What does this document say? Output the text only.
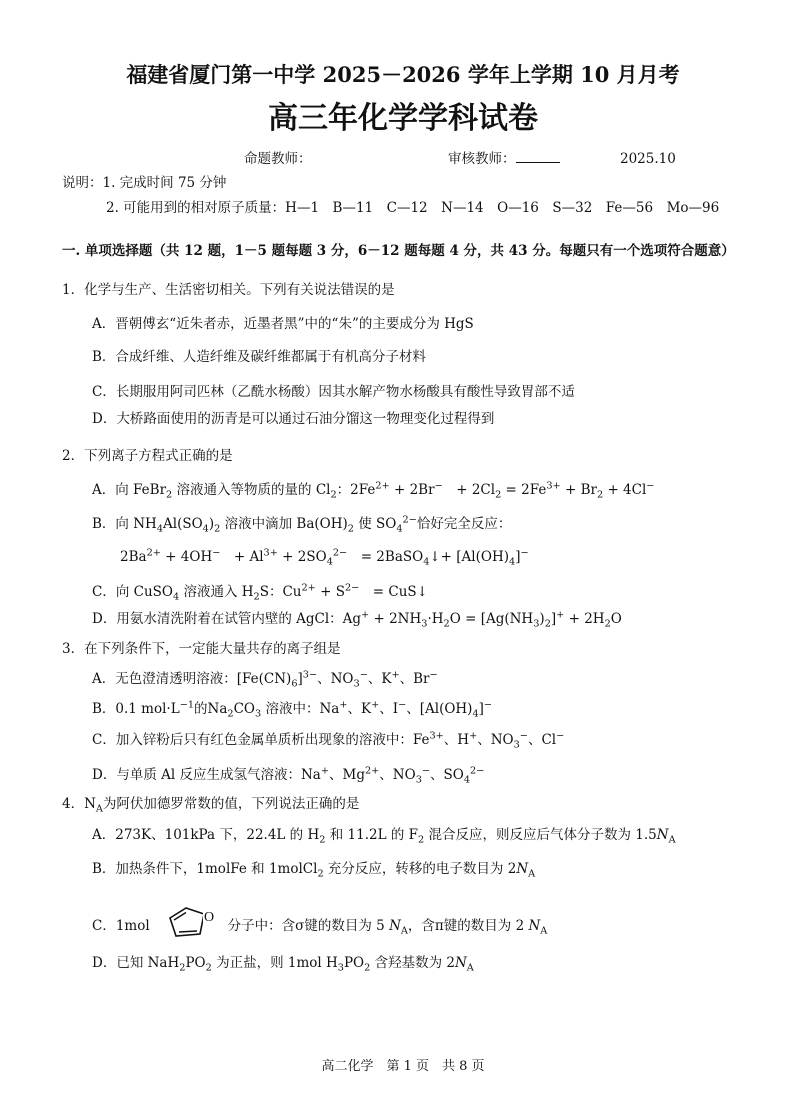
福建省厦门第一中学 2025－2026 学年上学期 10 月月考
高三年化学学科试卷
命题教师：	审核教师：	2025.10
说明：1. 完成时间 75 分钟
2. 可能用到的相对原子质量：H—1　B—11　C—12　N—14　O—16　S—32　Fe—56　Mo—96
一. 单项选择题（共 12 题，1－5 题每题 3 分，6－12 题每题 4 分，共 43 分。每题只有一个选项符合题意）
1．化学与生产、生活密切相关。下列有关说法错误的是
A．晋朝傅玄“近朱者赤，近墨者黑”中的“朱”的主要成分为 HgS
B．合成纤维、人造纤维及碳纤维都属于有机高分子材料
C．长期服用阿司匹林（乙酰水杨酸）因其水解产物水杨酸具有酸性导致胃部不适
D．大桥路面使用的沥青是可以通过石油分馏这一物理变化过程得到
2．下列离子方程式正确的是
A．向 FeBr$_2$ 溶液通入等物质的量的 $Cl_2$：$2Fe^{2+} + 2Br^-$　+ $2Cl_2 = 2Fe^{3+} + Br_2 + 4Cl^-$
B．向 $NH_4Al(SO_4)_2$ 溶液中滴加 $Ba(OH)_2$ 使 $SO_4^{2-}$恰好完全反应：
$2Ba^{2+} + 4OH^-$　+ $Al^{3+} + 2SO_4^{2-}$　= 2BaSO$_4$↓+ $[Al(OH)_4]^-$
C．向 CuSO$_4$ 溶液通入 $H_2S$：$Cu^{2+} + S^{2-}$　= CuS↓
D．用氨水清洗附着在试管内壁的 AgCl：$Ag^+ + 2NH_3\cdot H_2O = [Ag(NH_3)_2]^+ + 2H_2O$
3．在下列条件下，一定能大量共存的离子组是
A．无色澄清透明溶液：$[Fe(CN)_6]^{3-}$、$NO_3^-$、K+、Br−
B．0.1 $mol\cdot L^{-1}$的$Na_2CO_3$ 溶液中：Na+、K+、I−、$[Al(OH)_4]^-$
C．加入锌粉后只有红色金属单质析出现象的溶液中：$Fe^{3+}$、H+、$NO_3^-$、Cl−
D．与单质 Al 反应生成氢气溶液：Na+、$Mg^{2+}$、$NO_3^-$、$SO_4^{2-}$
4．$N_A$为阿伏加德罗常数的值，下列说法正确的是
A．273K、101kPa 下，22.4L 的 $H_2$ 和 11.2L 的 $F_2$ 混合反应，则反应后气体分子数为 $1.5N_A$
B．加热条件下，1molFe 和 1molCl$_2$ 充分反应，转移的电子数目为 $2N_A$
C．1mol
O
分子中：含σ键的数目为 5 $N_A$，含π键的数目为 2 $N_A$
D．已知 $NaH_2PO_2$ 为正盐，则 1mol $H_3PO_2$ 含羟基数为 $2N_A$
高二化学　第 1 页　共 8 页
